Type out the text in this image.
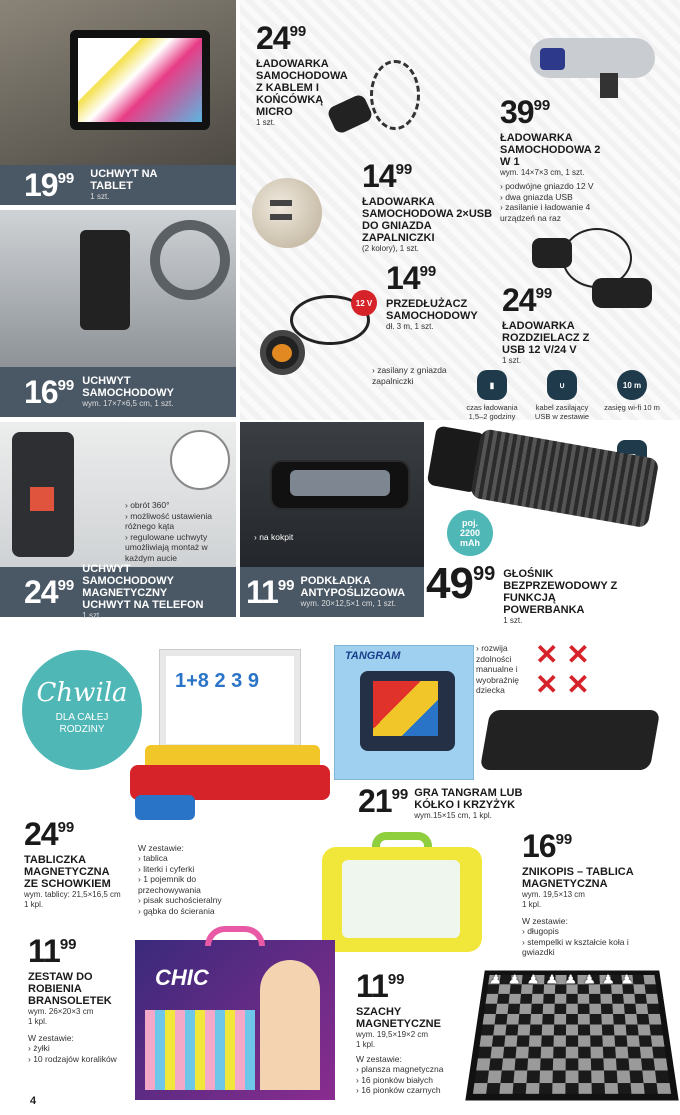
19 99 UCHWYT NA TABLET
1 szt.
16 99 UCHWYT SAMOCHODOWY
wym. 17×7×6,5 cm, 1 szt.
24 99
ŁADOWARKA SAMOCHODOWA Z KABLEM I KOŃCÓWKĄ MICRO
1 szt.	39 99
ŁADOWARKA SAMOCHODOWA 2 W 1
wym. 14×7×3 cm, 1 szt.
› podwójne gniazdo 12 V
› dwa gniazda USB
› zasilanie i ładowanie 4 urządzeń na raz
14 99
ŁADOWARKA SAMOCHODOWA 2×USB DO GNIAZDA ZAPALNICZKI
(2 kolory), 1 szt.
12 V
14 99
PRZEDŁUŻACZ SAMOCHODOWY
dł. 3 m, 1 szt.
› zasilany z gniazda zapalniczki
24 99
ŁADOWARKA ROZDZIELACZ Z USB 12 V/24 V
1 szt.
▮
czas ładowania 1,5–2 godziny
∪
kabel zasilający USB w zestawie
10 m
zasięg wi-fi 10 m
› obrót 360°
› możliwość ustawienia różnego kąta
› regulowane uchwyty umożliwiają montaż w każdym aucie
24 99
UCHWYT SAMOCHODOWY MAGNETYCZNY UCHWYT NA TELEFON
1 szt.
› na kokpit
11 99 PODKŁADKA ANTYPOŚLIZGOWA
wym. 20×12,5×1 cm, 1 szt.
poj. 2200 mAh
49 99 GŁOŚNIK BEZPRZEWODOWY Z FUNKCJĄ POWERBANKA
1 szt.
Chwila
DLA CAŁEJ RODZINY
1+8 2 3 9
24 99
TABLICZKA MAGNETYCZNA ZE SCHOWKIEM
wym. tablicy: 21,5×16,5 cm
1 kpl.
W zestawie:
› tablica
› literki i cyferki
› 1 pojemnik do przechowywania
› pisak suchościeralny
› gąbka do ścierania
TANGRAM
› rozwija zdolności manualne i wyobraźnię dziecka
✕ ✕
✕ ✕
21 99 GRA TANGRAM LUB KÓŁKO I KRZYŻYK
wym.15×15 cm, 1 kpl.
16 99
ZNIKOPIS – TABLICA MAGNETYCZNA
wym. 19,5×13 cm
1 kpl.
W zestawie:
› długopis
› stempelki w kształcie koła i gwiazdki
11 99
ZESTAW DO ROBIENIA BRANSOLETEK
wym. 26×20×3 cm
1 kpl.
W zestawie:
› żyłki
› 10 rodzajów koralików
CHIC	11 99
SZACHY MAGNETYCZNE
wym. 19,5×19×2 cm
1 kpl.
W zestawie:
› plansza magnetyczna
› 16 pionków białych
› 16 pionków czarnych
♟♟♟♟♟♟♟♟
4
